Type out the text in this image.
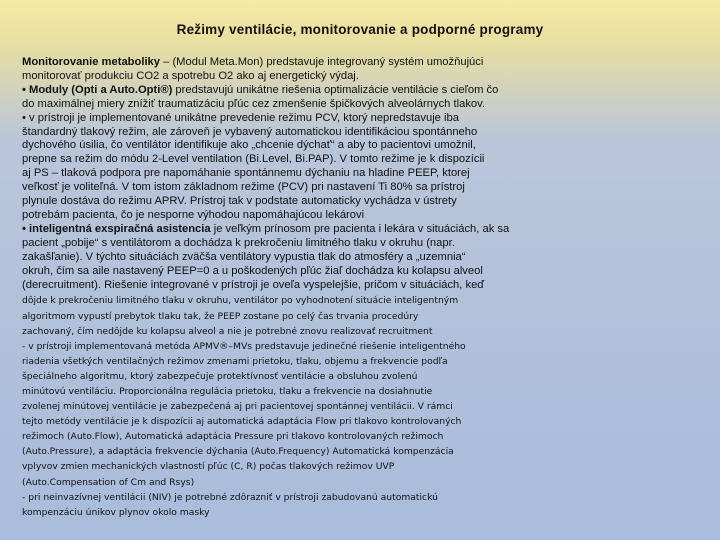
Režimy ventilácie, monitorovanie a podporné programy
Monitorovanie metaboliky – (Modul Meta.Mon) predstavuje integrovaný systém umožňujúci
monitorovať produkciu CO2 a spotrebu O2 ako aj energetický výdaj.
• Moduly (Opti a Auto.Opti®) predstavujú unikátne riešenia optimalizácie ventilácie s cieľom čo
do maximálnej miery znížiť traumatizáciu pľúc cez zmenšenie špičkových alveolárnych tlakov.
• v prístroji je implementované unikátne prevedenie režimu PCV, ktorý nepredstavuje iba
štandardný tlakový režim, ale zároveň je vybavený automatickou identifikáciou spontánneho
dychového úsilia, čo ventilátor identifikuje ako „chcenie dýchať“ a aby to pacientovi umožnil,
prepne sa režim do módu 2-Level ventilation (Bi.Level, Bi.PAP). V tomto režime je k dispozícii
aj PS – tlaková podpora pre napomáhanie spontánnemu dýchaniu na hladine PEEP, ktorej
veľkosť je voliteľná. V tom istom základnom režime (PCV) pri nastavení Ti 80% sa prístroj
plynule dostáva do režimu APRV. Prístroj tak v podstate automaticky vychádza v ústrety
potrebám pacienta, čo je nesporne výhodou napomáhajúcou lekárovi
• inteligentná exspiračná asistencia je veľkým prínosom pre pacienta i lekára v situáciách, ak sa
pacient „pobije“ s ventilátorom a dochádza k prekročeniu limitného tlaku v okruhu (napr.
zakašľanie). V týchto situáciách zväčša ventilátory vypustia tlak do atmosféry a „uzemnia“
okruh, čím sa aile nastavený PEEP=0 a u poškodených pľúc žiaľ dochádza ku kolapsu alveol
(derecruitment). Riešenie integrované v prístroji je oveľa vyspelejšie, pričom v situáciách, keď
dôjde k prekročeniu limitného tlaku v okruhu, ventilátor po vyhodnotení situácie inteligentným
algoritmom vypustí prebytok tlaku tak, že PEEP zostane po celý čas trvania procedúry
zachovaný, čím nedôjde ku kolapsu alveol a nie je potrebné znovu realizovať recruitment
- v prístroji implementovaná metóda APMV®–MVs predstavuje jedinečné riešenie inteligentného
riadenia všetkých ventilačných režimov zmenami prietoku, tlaku, objemu a frekvencie podľa
špeciálneho algoritmu, ktorý zabezpečuje protektívnosť ventilácie a obsluhou zvolenú
minútovú ventiláciu. Proporcionálna regulácia prietoku, tlaku a frekvencie na dosiahnutie
zvolenej minútovej ventilácie je zabezpečená aj pri pacientovej spontánnej ventilácii. V rámci
tejto metódy ventilácie je k dispozícii aj automatická adaptácia Flow pri tlakovo kontrolovaných
režimoch (Auto.Flow), Automatická adaptácia Pressure pri tlakovo kontrolovaných režimoch
(Auto.Pressure), a adaptácia frekvencie dýchania (Auto.Frequency) Automatická kompenzácia
vplyvov zmien mechanických vlastností pľúc (C, R) počas tlakových režimov UVP
(Auto.Compensation of Cm and Rsys)
- pri neinvazívnej ventilácii (NIV) je potrebné zdôrazniť v prístroji zabudovanú automatickú
kompenzáciu únikov plynov okolo masky
